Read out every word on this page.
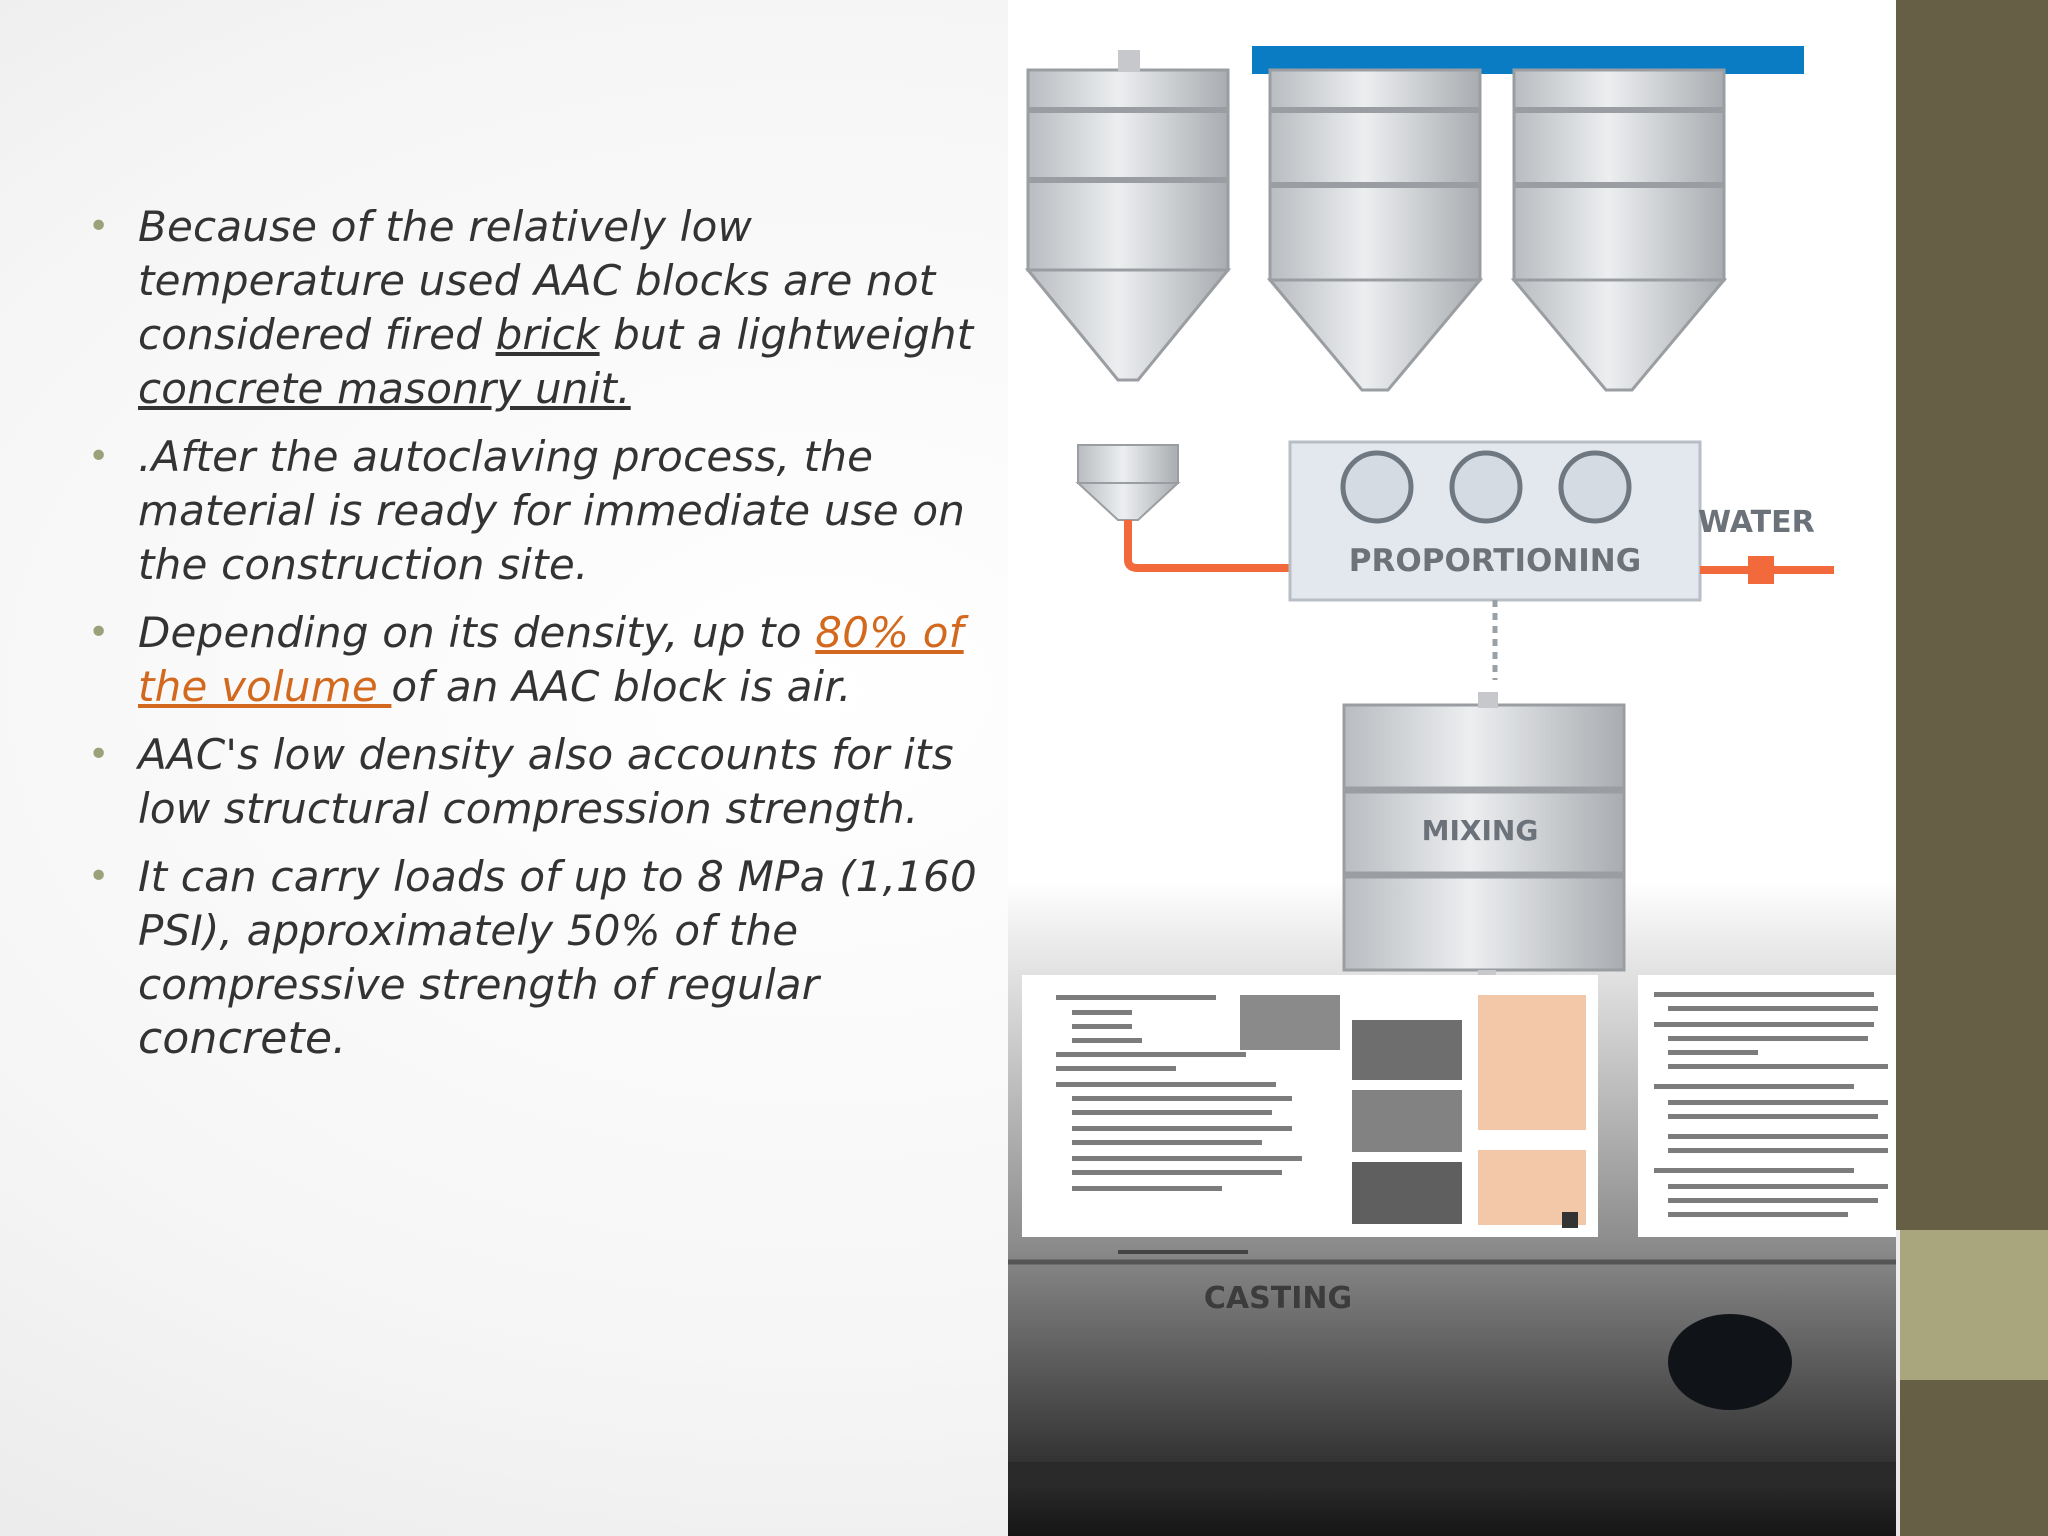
• Because of the relatively low temperature used AAC blocks are not considered fired brick but a lightweight concrete masonry unit.
• .After the autoclaving process, the material is ready for immediate use on the construction site.
• Depending on its density, up to 80% of the volume of an AAC block is air.
• AAC's low density also accounts for its low structural compression strength.
• It can carry loads of up to 8 MPa (1,160 PSI), approximately 50% of the compressive strength of regular concrete.
PROPORTIONING
WATER
MIXING
CASTING
